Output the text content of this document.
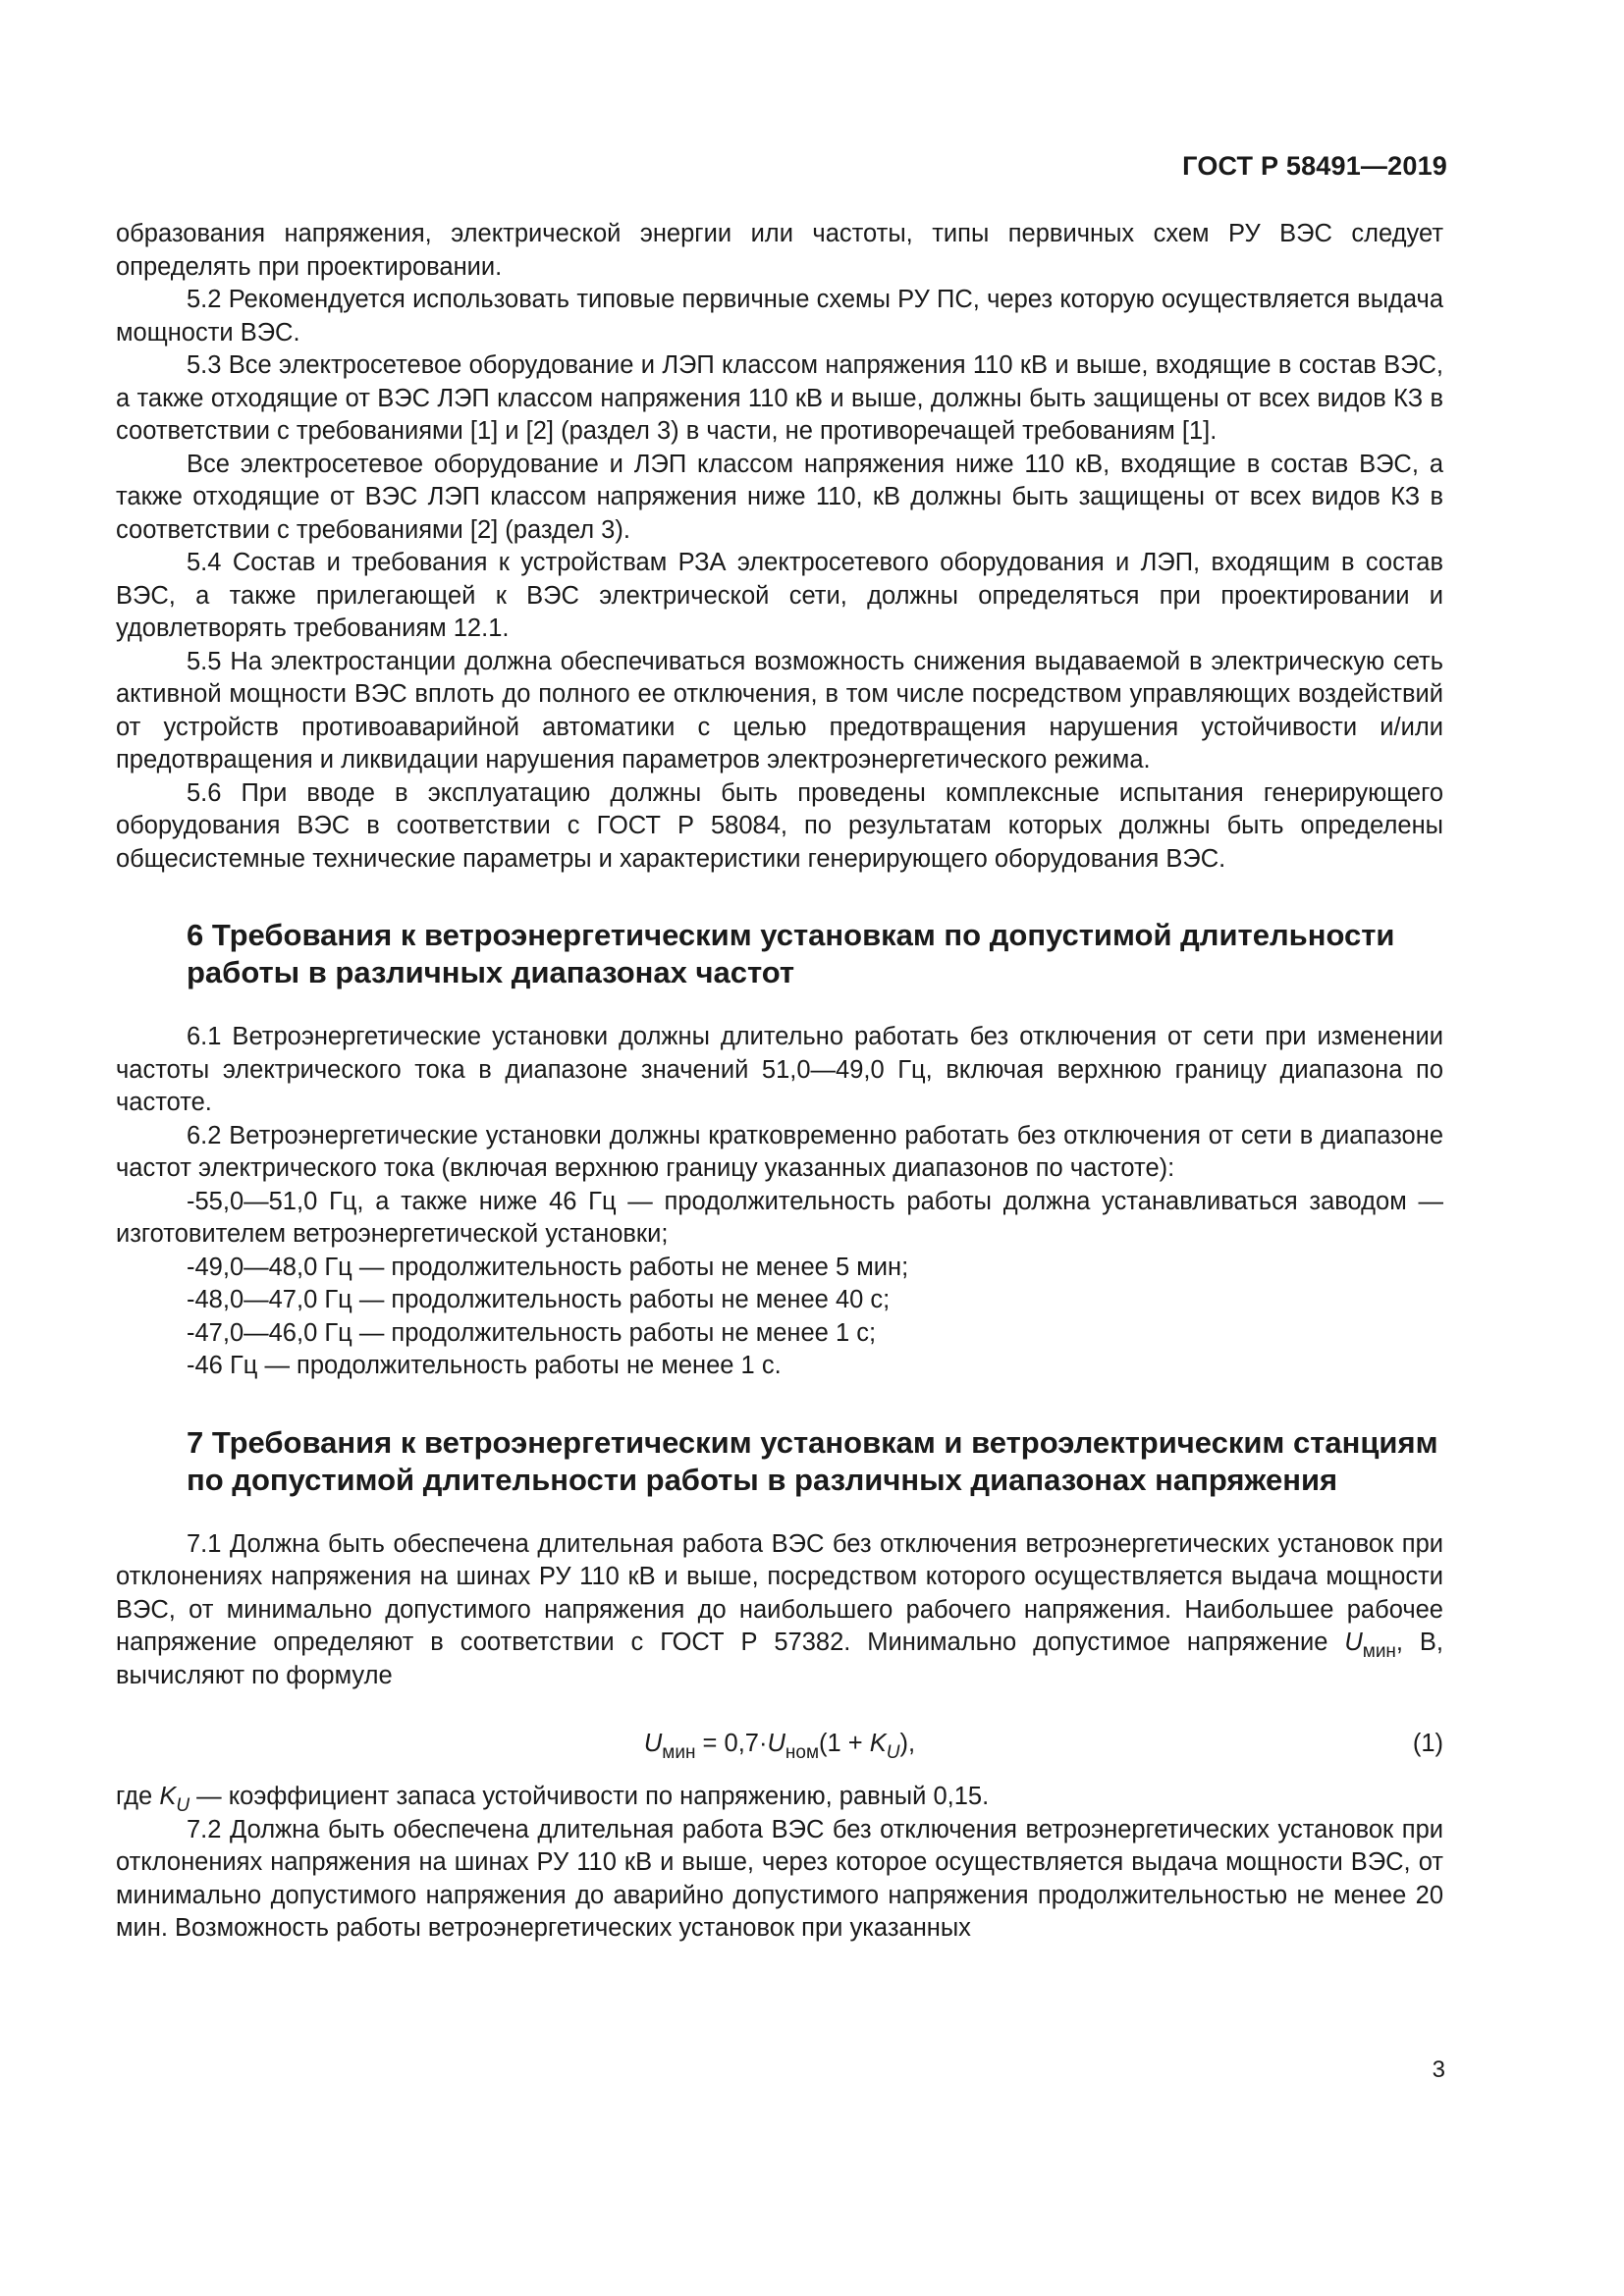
ГОСТ Р 58491—2019

образования напряжения, электрической энергии или частоты, типы первичных схем РУ ВЭС следует определять при проектировании.

5.2 Рекомендуется использовать типовые первичные схемы РУ ПС, через которую осуществляется выдача мощности ВЭС.

5.3 Все электросетевое оборудование и ЛЭП классом напряжения 110 кВ и выше, входящие в состав ВЭС, а также отходящие от ВЭС ЛЭП классом напряжения 110 кВ и выше, должны быть защищены от всех видов КЗ в соответствии с требованиями [1] и [2] (раздел 3) в части, не противоречащей требованиям [1].

Все электросетевое оборудование и ЛЭП классом напряжения ниже 110 кВ, входящие в состав ВЭС, а также отходящие от ВЭС ЛЭП классом напряжения ниже 110, кВ должны быть защищены от всех видов КЗ в соответствии с требованиями [2] (раздел 3).

5.4 Состав и требования к устройствам РЗА электросетевого оборудования и ЛЭП, входящим в состав ВЭС, а также прилегающей к ВЭС электрической сети, должны определяться при проектировании и удовлетворять требованиям 12.1.

5.5 На электростанции должна обеспечиваться возможность снижения выдаваемой в электрическую сеть активной мощности ВЭС вплоть до полного ее отключения, в том числе посредством управляющих воздействий от устройств противоаварийной автоматики с целью предотвращения нарушения устойчивости и/или предотвращения и ликвидации нарушения параметров электроэнергетического режима.

5.6 При вводе в эксплуатацию должны быть проведены комплексные испытания генерирующего оборудования ВЭС в соответствии с ГОСТ Р 58084, по результатам которых должны быть определены общесистемные технические параметры и характеристики генерирующего оборудования ВЭС.

6 Требования к ветроэнергетическим установкам по допустимой длительности работы в различных диапазонах частот

6.1 Ветроэнергетические установки должны длительно работать без отключения от сети при изменении частоты электрического тока в диапазоне значений 51,0—49,0 Гц, включая верхнюю границу диапазона по частоте.

6.2 Ветроэнергетические установки должны кратковременно работать без отключения от сети в диапазоне частот электрического тока (включая верхнюю границу указанных диапазонов по частоте):

-55,0—51,0 Гц, а также ниже 46 Гц — продолжительность работы должна устанавливаться заводом — изготовителем ветроэнергетической установки;

-49,0—48,0 Гц — продолжительность работы не менее 5 мин;

-48,0—47,0 Гц — продолжительность работы не менее 40 с;

-47,0—46,0 Гц — продолжительность работы не менее 1 с;

-46 Гц — продолжительность работы не менее 1 с.

7 Требования к ветроэнергетическим установкам и ветроэлектрическим станциям по допустимой длительности работы в различных диапазонах напряжения

7.1 Должна быть обеспечена длительная работа ВЭС без отключения ветроэнергетических установок при отклонениях напряжения на шинах РУ 110 кВ и выше, посредством которого осуществляется выдача мощности ВЭС, от минимально допустимого напряжения до наибольшего рабочего напряжения. Наибольшее рабочее напряжение определяют в соответствии с ГОСТ Р 57382. Минимально допустимое напряжение $U_{мин}$, В, вычисляют по формуле

$U_{мин} = 0,7\cdot U_{ном}(1 + K_U)$,	(1)

где $K_U$ — коэффициент запаса устойчивости по напряжению, равный 0,15.

7.2 Должна быть обеспечена длительная работа ВЭС без отключения ветроэнергетических установок при отклонениях напряжения на шинах РУ 110 кВ и выше, через которое осуществляется выдача мощности ВЭС, от минимально допустимого напряжения до аварийно допустимого напряжения продолжительностью не менее 20 мин. Возможность работы ветроэнергетических установок при указанных

3
